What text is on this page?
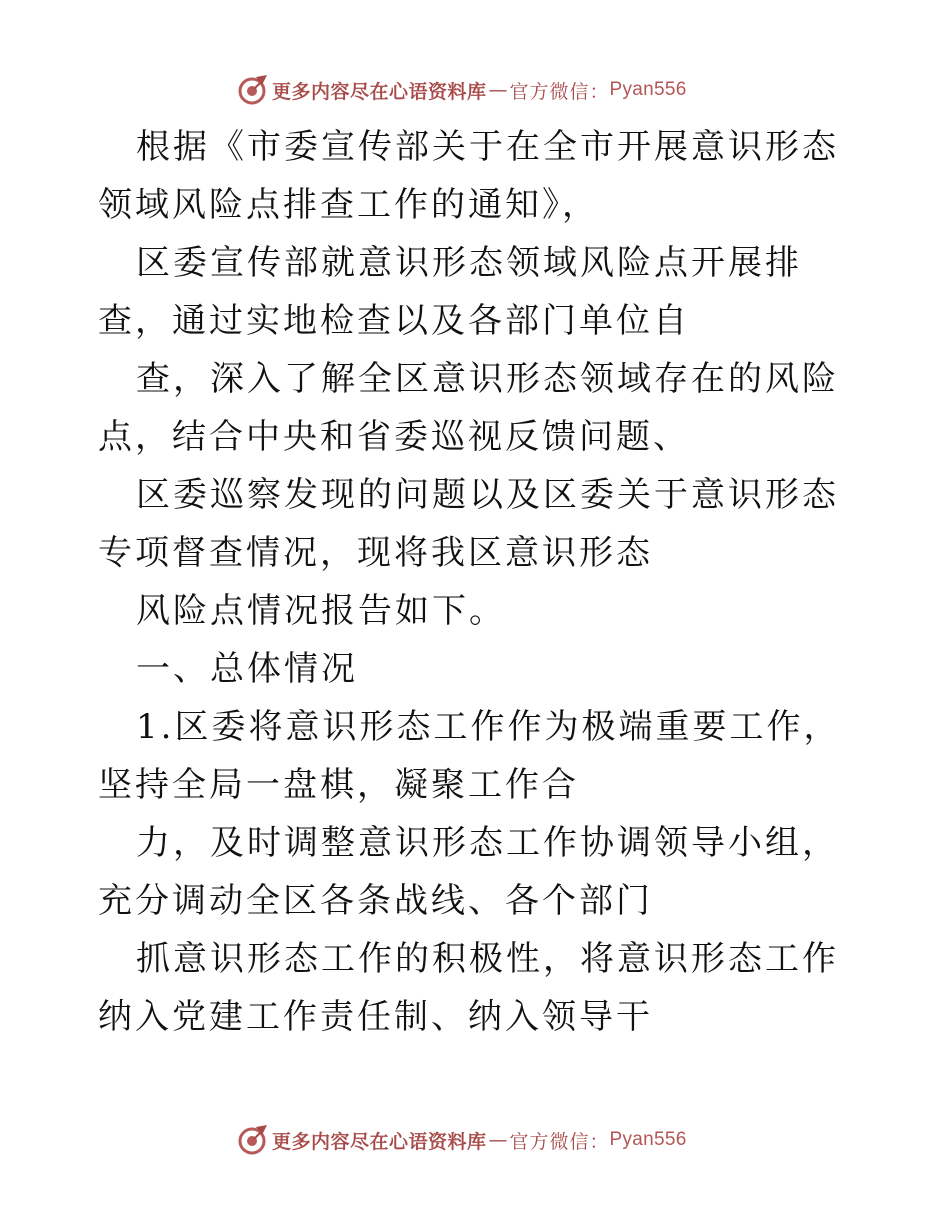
更多内容尽在心语资料库 — 官方微信： Pyan556

根据《市委宣传部关于在全市开展意识形态领域风险点排查工作的通知》，

区委宣传部就意识形态领域风险点开展排查，通过实地检查以及各部门单位自

查，深入了解全区意识形态领域存在的风险点，结合中央和省委巡视反馈问题、

区委巡察发现的问题以及区委关于意识形态专项督查情况，现将我区意识形态

风险点情况报告如下。

一、总体情况

1.区委将意识形态工作作为极端重要工作，坚持全局一盘棋，凝聚工作合

力，及时调整意识形态工作协调领导小组，充分调动全区各条战线、各个部门

抓意识形态工作的积极性，将意识形态工作纳入党建工作责任制、纳入领导干

更多内容尽在心语资料库 — 官方微信： Pyan556
